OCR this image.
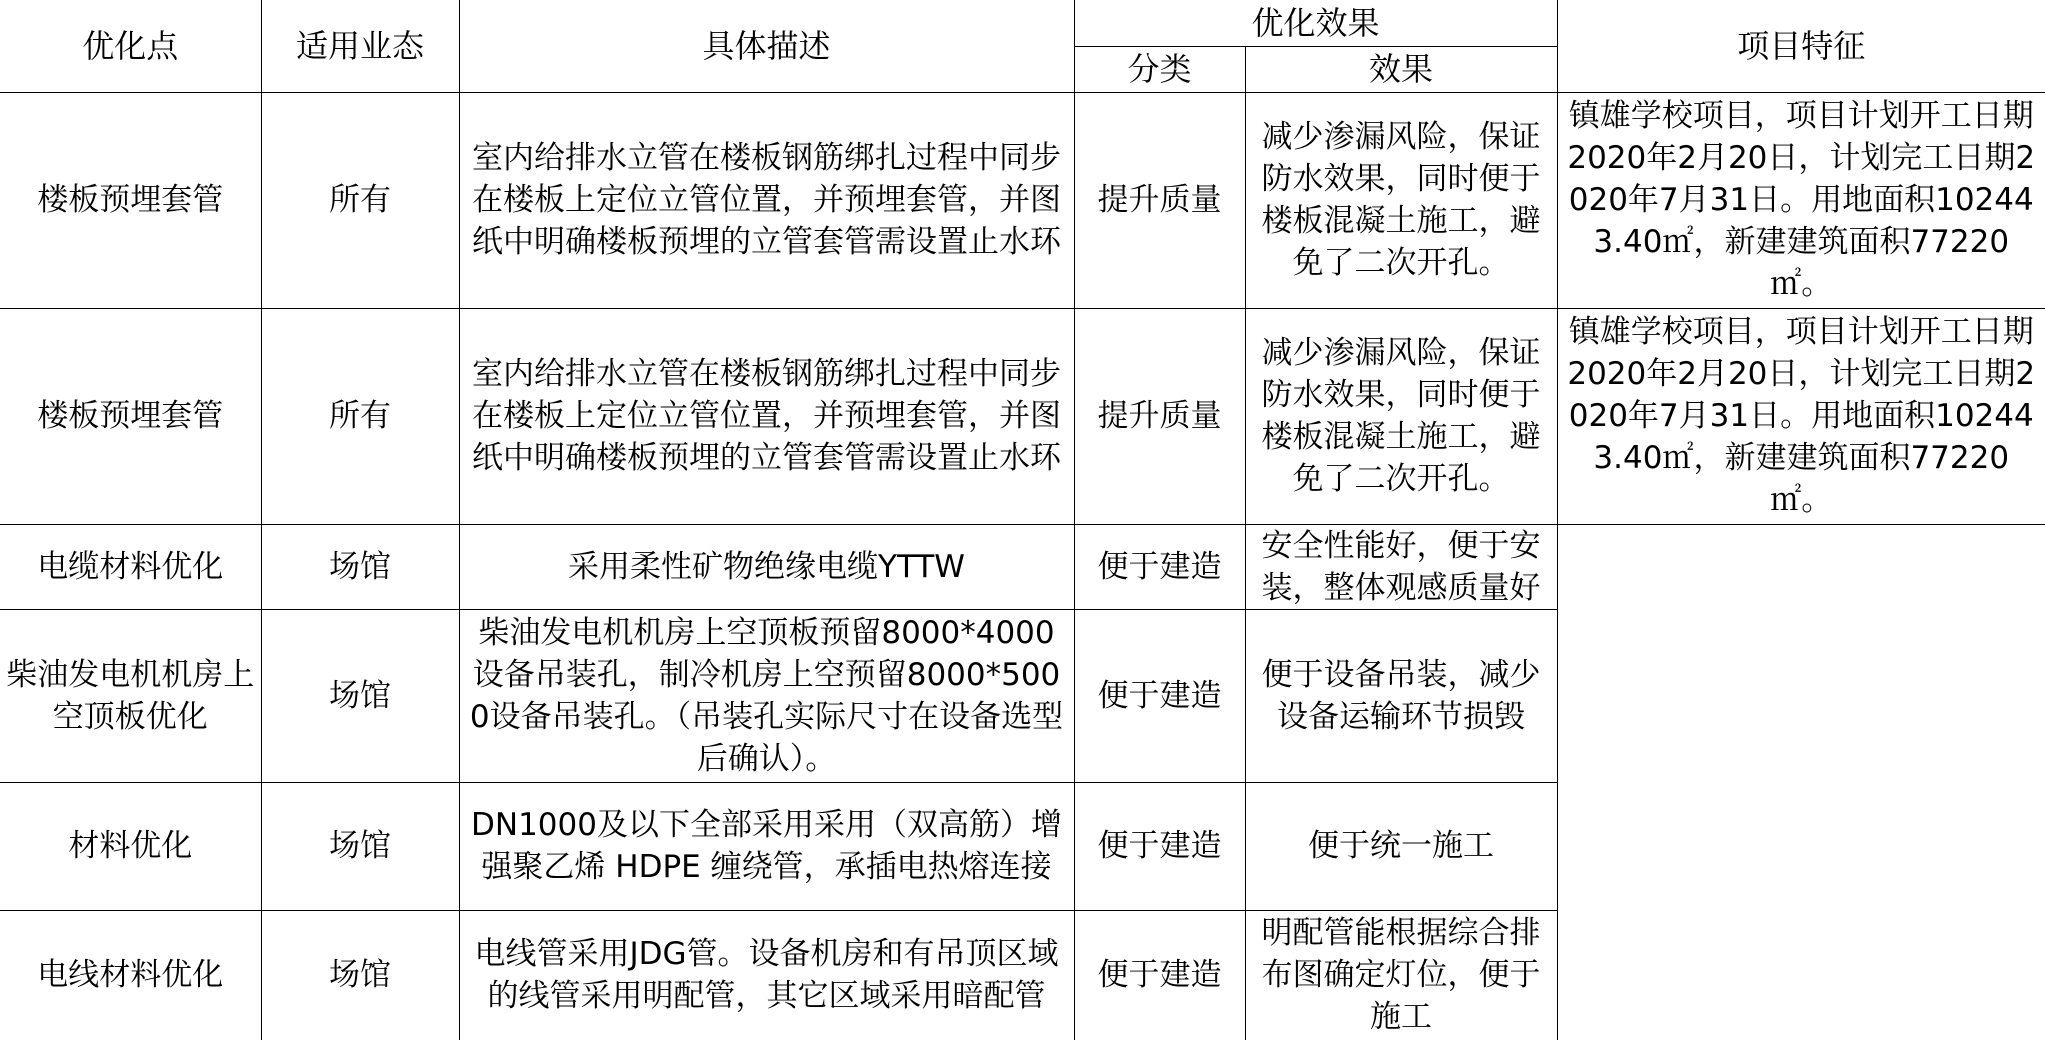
优化点	适用业态	具体描述	优化效果		项目特征
			分类	效果	
楼板预埋套管	所有	室内给排水立管在楼板钢筋绑扎过程中同步在楼板上定位立管位置，并预埋套管，并图纸中明确楼板预埋的立管套管需设置止水环	提升质量	减少渗漏风险，保证防水效果，同时便于楼板混凝土施工，避免了二次开孔。	镇雄学校项目，项目计划开工日期2020年2月20日，计划完工日期2020年7月31日。用地面积102443.40㎡，新建建筑面积77220㎡。
楼板预埋套管	所有	室内给排水立管在楼板钢筋绑扎过程中同步在楼板上定位立管位置，并预埋套管，并图纸中明确楼板预埋的立管套管需设置止水环	提升质量	减少渗漏风险，保证防水效果，同时便于楼板混凝土施工，避免了二次开孔。	镇雄学校项目，项目计划开工日期2020年2月20日，计划完工日期2020年7月31日。用地面积102443.40㎡，新建建筑面积77220㎡。
电缆材料优化	场馆	采用柔性矿物绝缘电缆YTTW	便于建造	安全性能好，便于安装，整体观感质量好	
柴油发电机机房上空顶板优化	场馆	柴油发电机机房上空顶板预留8000*4000设备吊装孔，制冷机房上空预留8000*5000设备吊装孔。（吊装孔实际尺寸在设备选型后确认）。	便于建造	便于设备吊装，减少设备运输环节损毁	
材料优化	场馆	DN1000及以下全部采用采用（双高筋）增强聚乙烯 HDPE 缠绕管，承插电热熔连接	便于建造	便于统一施工	
电线材料优化	场馆	电线管采用JDG管。设备机房和有吊顶区域的线管采用明配管，其它区域采用暗配管	便于建造	明配管能根据综合排布图确定灯位，便于施工	
